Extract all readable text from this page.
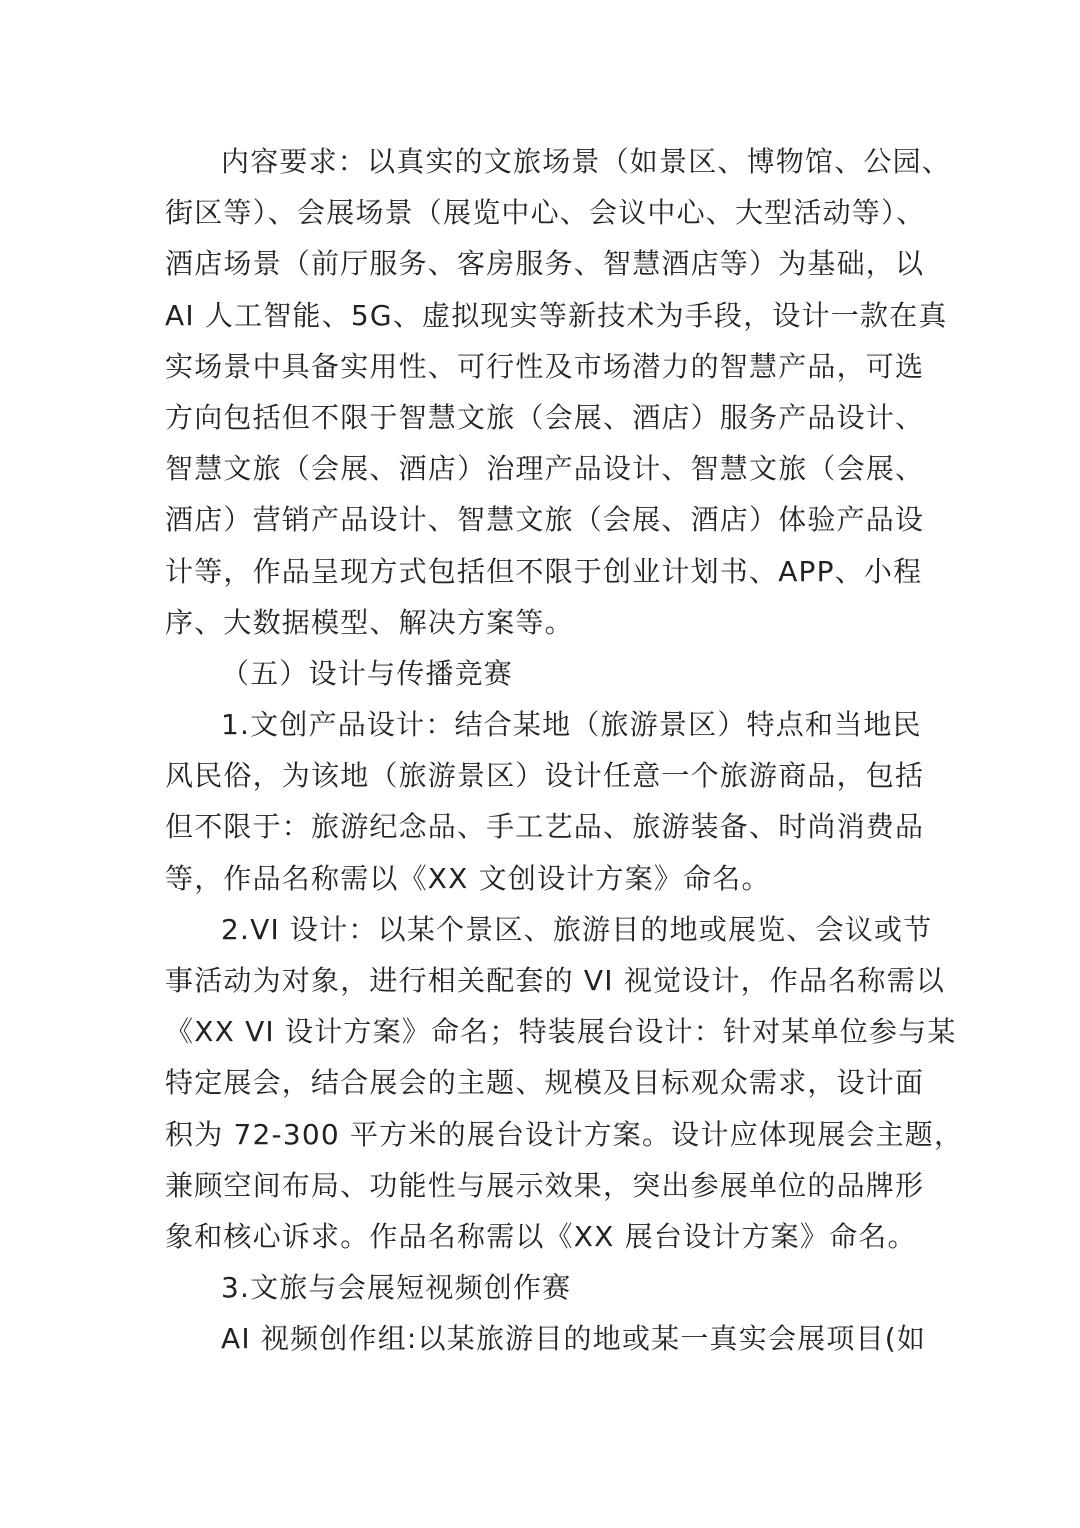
内容要求：以真实的文旅场景（如景区、博物馆、公园、
街区等）、会展场景（展览中心、会议中心、大型活动等）、
酒店场景（前厅服务、客房服务、智慧酒店等）为基础，以
AI 人工智能、5G、虚拟现实等新技术为手段，设计一款在真
实场景中具备实用性、可行性及市场潜力的智慧产品，可选
方向包括但不限于智慧文旅（会展、酒店）服务产品设计、
智慧文旅（会展、酒店）治理产品设计、智慧文旅（会展、
酒店）营销产品设计、智慧文旅（会展、酒店）体验产品设
计等，作品呈现方式包括但不限于创业计划书、APP、小程
序、大数据模型、解决方案等。
（五）设计与传播竞赛
1.文创产品设计：结合某地（旅游景区）特点和当地民
风民俗，为该地（旅游景区）设计任意一个旅游商品，包括
但不限于：旅游纪念品、手工艺品、旅游装备、时尚消费品
等，作品名称需以《XX 文创设计方案》命名。
2.VI 设计：以某个景区、旅游目的地或展览、会议或节
事活动为对象，进行相关配套的 VI 视觉设计，作品名称需以
《XX VI 设计方案》命名；特装展台设计：针对某单位参与某
特定展会，结合展会的主题、规模及目标观众需求，设计面
积为 72-300 平方米的展台设计方案。设计应体现展会主题，
兼顾空间布局、功能性与展示效果，突出参展单位的品牌形
象和核心诉求。作品名称需以《XX 展台设计方案》命名。
3.文旅与会展短视频创作赛
AI 视频创作组:以某旅游目的地或某一真实会展项目(如
